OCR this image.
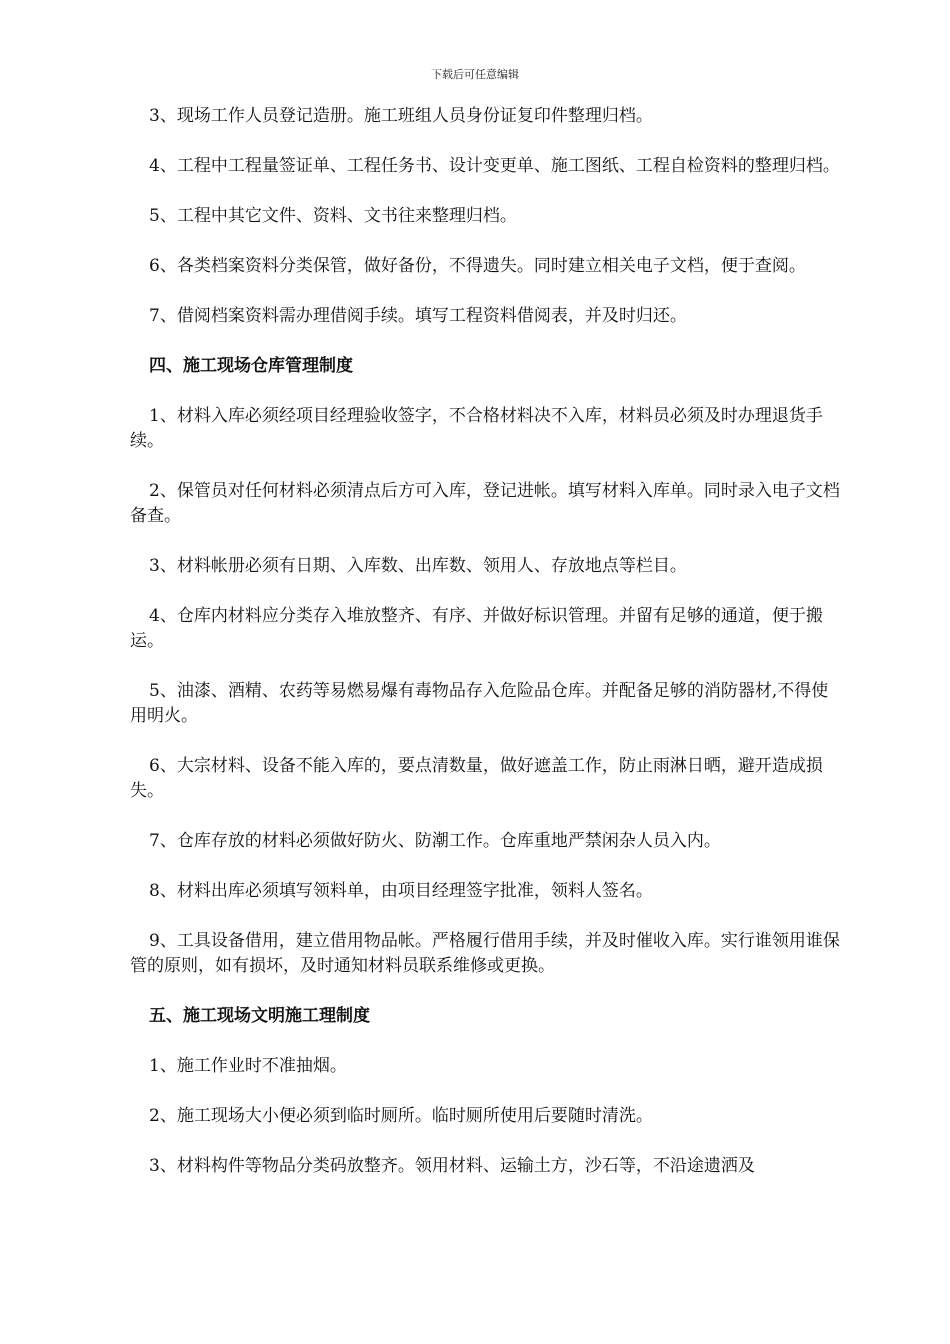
下载后可任意编辑

3、现场工作人员登记造册。施工班组人员身份证复印件整理归档。

4、工程中工程量签证单、工程任务书、设计变更单、施工图纸、工程自检资料的整理归档。

5、工程中其它文件、资料、文书往来整理归档。

6、各类档案资料分类保管，做好备份，不得遗失。同时建立相关电子文档，便于查阅。

7、借阅档案资料需办理借阅手续。填写工程资料借阅表，并及时归还。

四、施工现场仓库管理制度

1、材料入库必须经项目经理验收签字，不合格材料决不入库，材料员必须及时办理退货手续。

2、保管员对任何材料必须清点后方可入库，登记进帐。填写材料入库单。同时录入电子文档备查。

3、材料帐册必须有日期、入库数、出库数、领用人、存放地点等栏目。

4、仓库内材料应分类存入堆放整齐、有序、并做好标识管理。并留有足够的通道，便于搬运。

5、油漆、酒精、农药等易燃易爆有毒物品存入危险品仓库。并配备足够的消防器材,不得使用明火。

6、大宗材料、设备不能入库的，要点清数量，做好遮盖工作，防止雨淋日晒，避开造成损失。

7、仓库存放的材料必须做好防火、防潮工作。仓库重地严禁闲杂人员入内。

8、材料出库必须填写领料单，由项目经理签字批准，领料人签名。

9、工具设备借用，建立借用物品帐。严格履行借用手续，并及时催收入库。实行谁领用谁保管的原则，如有损坏，及时通知材料员联系维修或更换。

五、施工现场文明施工理制度

1、施工作业时不准抽烟。

2、施工现场大小便必须到临时厕所。临时厕所使用后要随时清洗。

3、材料构件等物品分类码放整齐。领用材料、运输土方，沙石等，不沿途遗洒及
